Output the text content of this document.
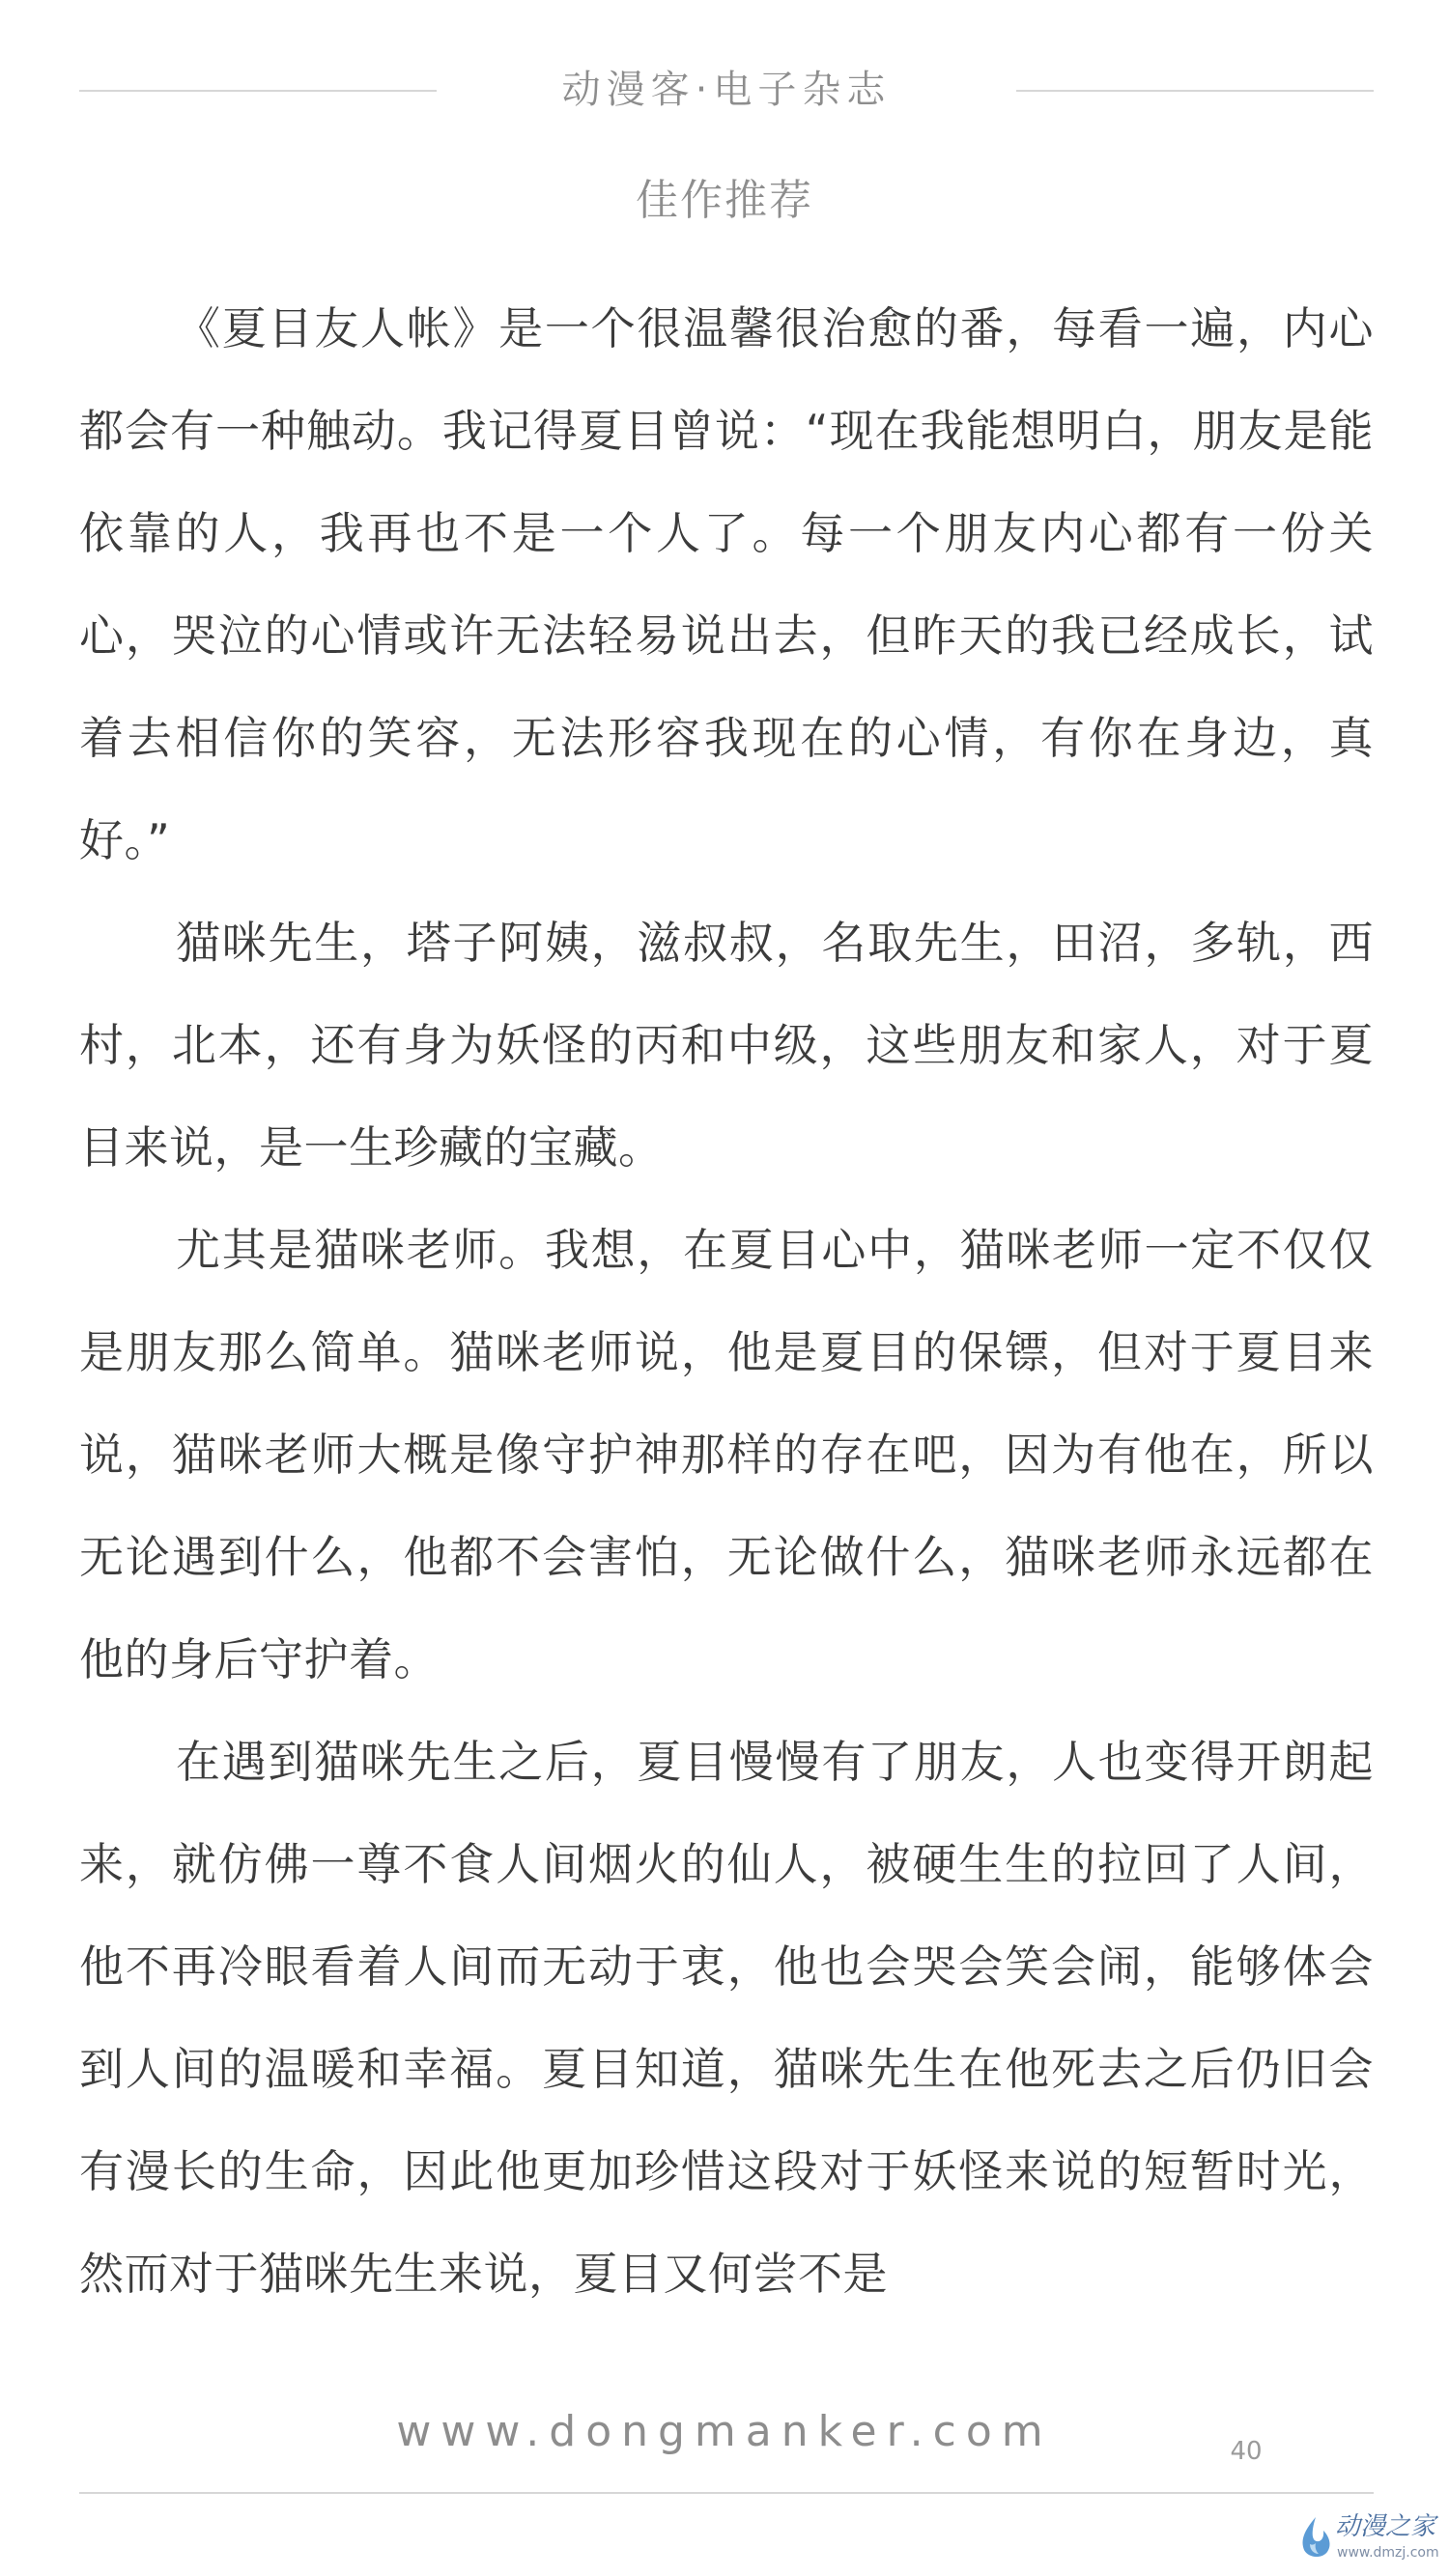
动漫客·电子杂志
佳作推荐

《夏目友人帐》是一个很温馨很治愈的番，每看一遍，内心都会有一种触动。我记得夏目曾说：“现在我能想明白，朋友是能依靠的人，我再也不是一个人了。每一个朋友内心都有一份关心，哭泣的心情或许无法轻易说出去，但昨天的我已经成长，试着去相信你的笑容，无法形容我现在的心情，有你在身边，真好。”

猫咪先生，塔子阿姨，滋叔叔，名取先生，田沼，多轨，西村，北本，还有身为妖怪的丙和中级，这些朋友和家人，对于夏目来说，是一生珍藏的宝藏。

尤其是猫咪老师。我想，在夏目心中，猫咪老师一定不仅仅是朋友那么简单。猫咪老师说，他是夏目的保镖，但对于夏目来说，猫咪老师大概是像守护神那样的存在吧，因为有他在，所以无论遇到什么，他都不会害怕，无论做什么，猫咪老师永远都在他的身后守护着。

在遇到猫咪先生之后，夏目慢慢有了朋友，人也变得开朗起来，就仿佛一尊不食人间烟火的仙人，被硬生生的拉回了人间，他不再冷眼看着人间而无动于衷，他也会哭会笑会闹，能够体会到人间的温暖和幸福。夏目知道，猫咪先生在他死去之后仍旧会有漫长的生命，因此他更加珍惜这段对于妖怪来说的短暂时光，然而对于猫咪先生来说，夏目又何尝不是

www.dongmanker.com	40
动漫之家
www.dmzj.com
